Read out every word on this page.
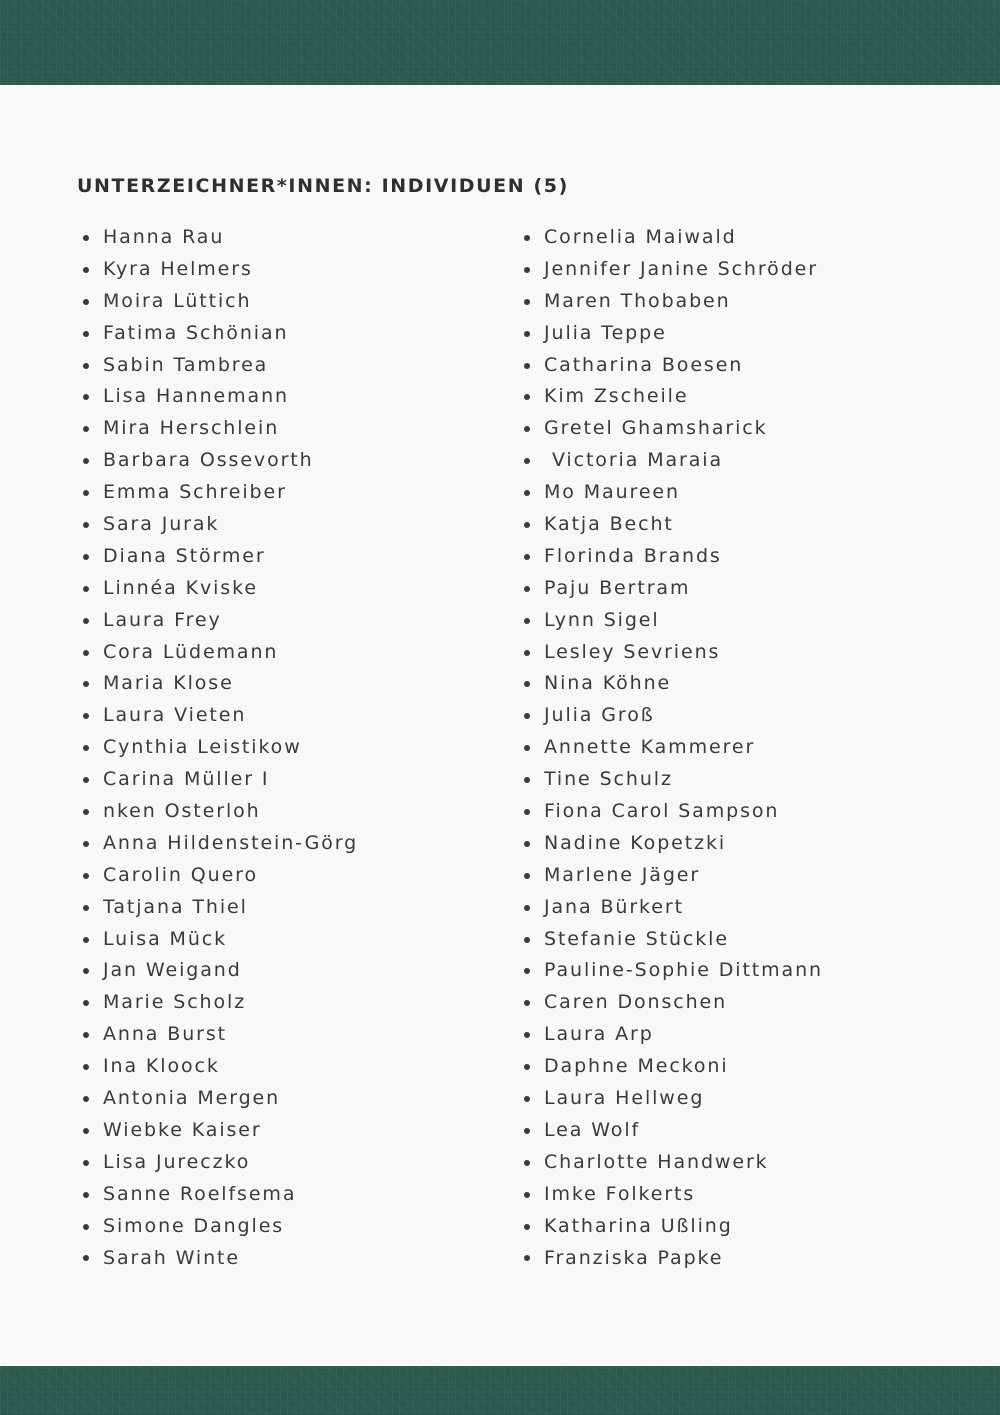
UNTERZEICHNER*INNEN: INDIVIDUEN (5)
Hanna Rau
Kyra Helmers
Moira Lüttich
Fatima Schönian
Sabin Tambrea
Lisa Hannemann
Mira Herschlein
Barbara Ossevorth
Emma Schreiber
Sara Jurak
Diana Störmer
Linnéa Kviske
Laura Frey
Cora Lüdemann
Maria Klose
Laura Vieten
Cynthia Leistikow
Carina Müller I
nken Osterloh
Anna Hildenstein-Görg
Carolin Quero
Tatjana Thiel
Luisa Mück
Jan Weigand
Marie Scholz
Anna Burst
Ina Kloock
Antonia Mergen
Wiebke Kaiser
Lisa Jureczko
Sanne Roelfsema
Simone Dangles
Sarah Winte
Cornelia Maiwald
Jennifer Janine Schröder
Maren Thobaben
Julia Teppe
Catharina Boesen
Kim Zscheile
Gretel Ghamsharick
Victoria Maraia
Mo Maureen
Katja Becht
Florinda Brands
Paju Bertram
Lynn Sigel
Lesley Sevriens
Nina Köhne
Julia Groß
Annette Kammerer
Tine Schulz
Fiona Carol Sampson
Nadine Kopetzki
Marlene Jäger
Jana Bürkert
Stefanie Stückle
Pauline-Sophie Dittmann
Caren Donschen
Laura Arp
Daphne Meckoni
Laura Hellweg
Lea Wolf
Charlotte Handwerk
Imke Folkerts
Katharina Ußling
Franziska Papke
